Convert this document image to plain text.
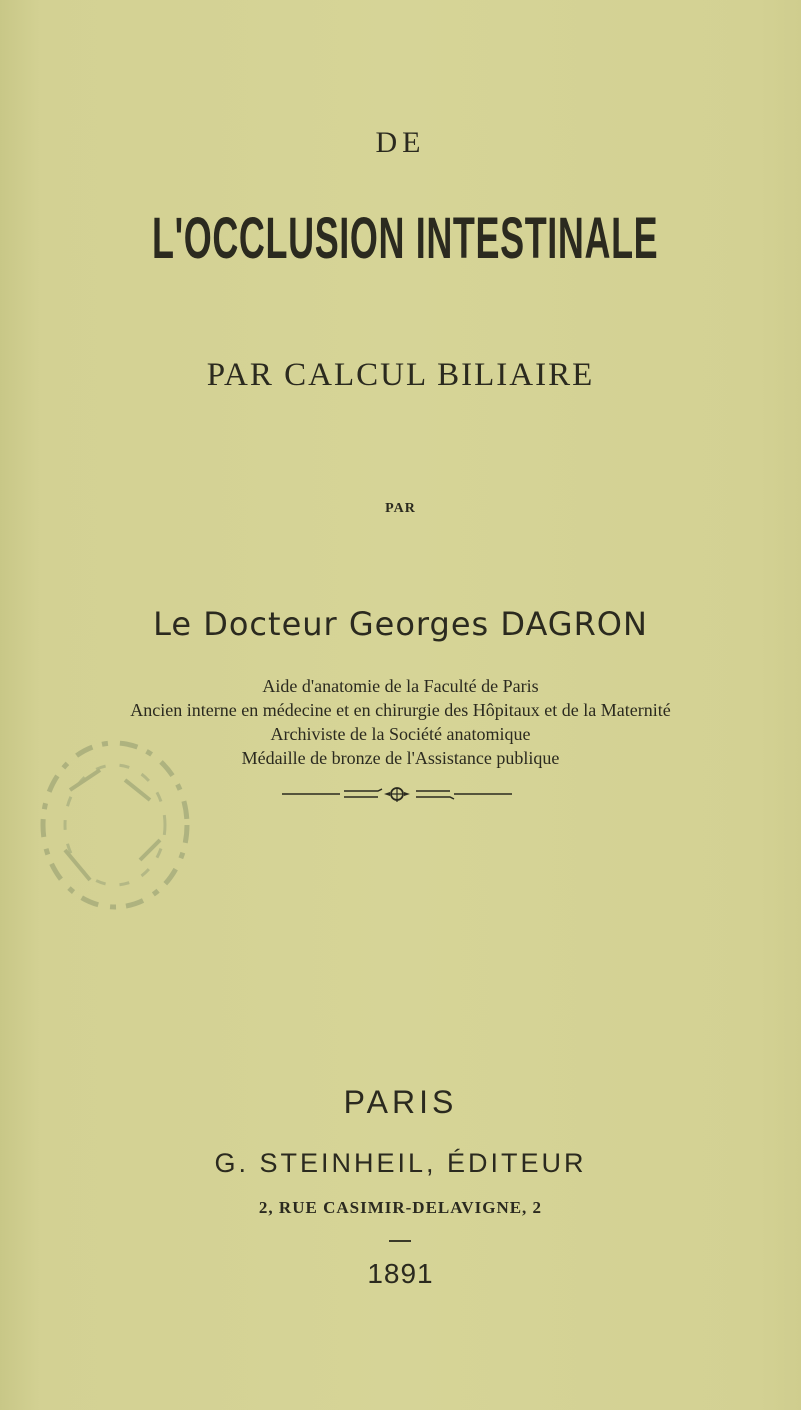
DE
L'OCCLUSION INTESTINALE
PAR CALCUL BILIAIRE
PAR
Le Docteur Georges DAGRON
Aide d'anatomie de la Faculté de Paris
Ancien interne en médecine et en chirurgie des Hôpitaux et de la Maternité
Archiviste de la Société anatomique
Médaille de bronze de l'Assistance publique
PARIS
G. STEINHEIL, ÉDITEUR
2, RUE CASIMIR-DELAVIGNE, 2
1891
